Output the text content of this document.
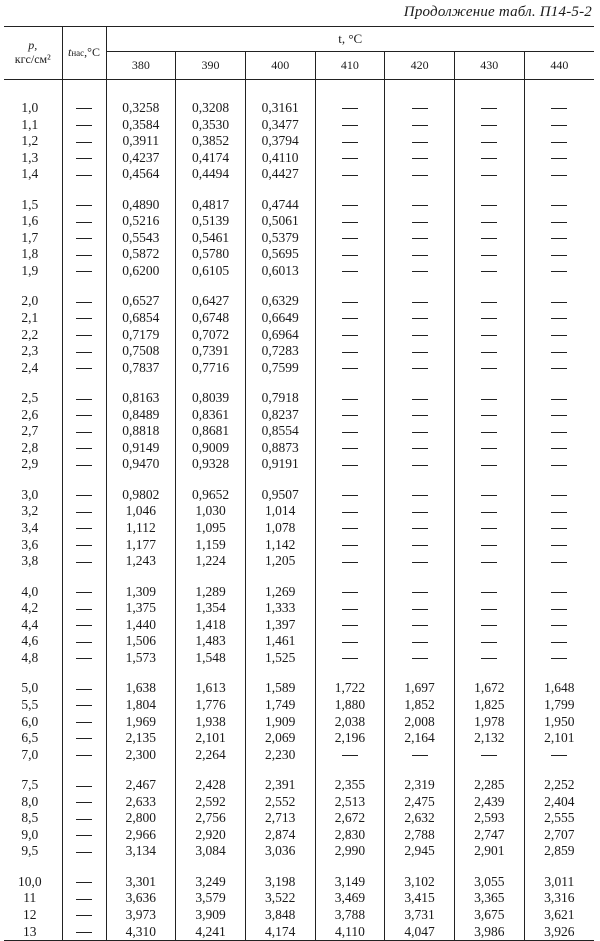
Продолжение табл. П14-5-2
p,
кгс/см²	tнас,°C	t, °C						
		380	390	400	410	420	430	440

1,0		0,3258	0,3208	0,3161				
1,1		0,3584	0,3530	0,3477				
1,2		0,3911	0,3852	0,3794				
1,3		0,4237	0,4174	0,4110				
1,4		0,4564	0,4494	0,4427				

1,5		0,4890	0,4817	0,4744				
1,6		0,5216	0,5139	0,5061				
1,7		0,5543	0,5461	0,5379				
1,8		0,5872	0,5780	0,5695				
1,9		0,6200	0,6105	0,6013				

2,0		0,6527	0,6427	0,6329				
2,1		0,6854	0,6748	0,6649				
2,2		0,7179	0,7072	0,6964				
2,3		0,7508	0,7391	0,7283				
2,4		0,7837	0,7716	0,7599				

2,5		0,8163	0,8039	0,7918				
2,6		0,8489	0,8361	0,8237				
2,7		0,8818	0,8681	0,8554				
2,8		0,9149	0,9009	0,8873				
2,9		0,9470	0,9328	0,9191				

3,0		0,9802	0,9652	0,9507				
3,2		1,046	1,030	1,014				
3,4		1,112	1,095	1,078				
3,6		1,177	1,159	1,142				
3,8		1,243	1,224	1,205				

4,0		1,309	1,289	1,269				
4,2		1,375	1,354	1,333				
4,4		1,440	1,418	1,397				
4,6		1,506	1,483	1,461				
4,8		1,573	1,548	1,525				

5,0		1,638	1,613	1,589	1,722	1,697	1,672	1,648
5,5		1,804	1,776	1,749	1,880	1,852	1,825	1,799
6,0		1,969	1,938	1,909	2,038	2,008	1,978	1,950
6,5		2,135	2,101	2,069	2,196	2,164	2,132	2,101
7,0		2,300	2,264	2,230				

7,5		2,467	2,428	2,391	2,355	2,319	2,285	2,252
8,0		2,633	2,592	2,552	2,513	2,475	2,439	2,404
8,5		2,800	2,756	2,713	2,672	2,632	2,593	2,555
9,0		2,966	2,920	2,874	2,830	2,788	2,747	2,707
9,5		3,134	3,084	3,036	2,990	2,945	2,901	2,859

10,0		3,301	3,249	3,198	3,149	3,102	3,055	3,011
11		3,636	3,579	3,522	3,469	3,415	3,365	3,316
12		3,973	3,909	3,848	3,788	3,731	3,675	3,621
13		4,310	4,241	4,174	4,110	4,047	3,986	3,926
